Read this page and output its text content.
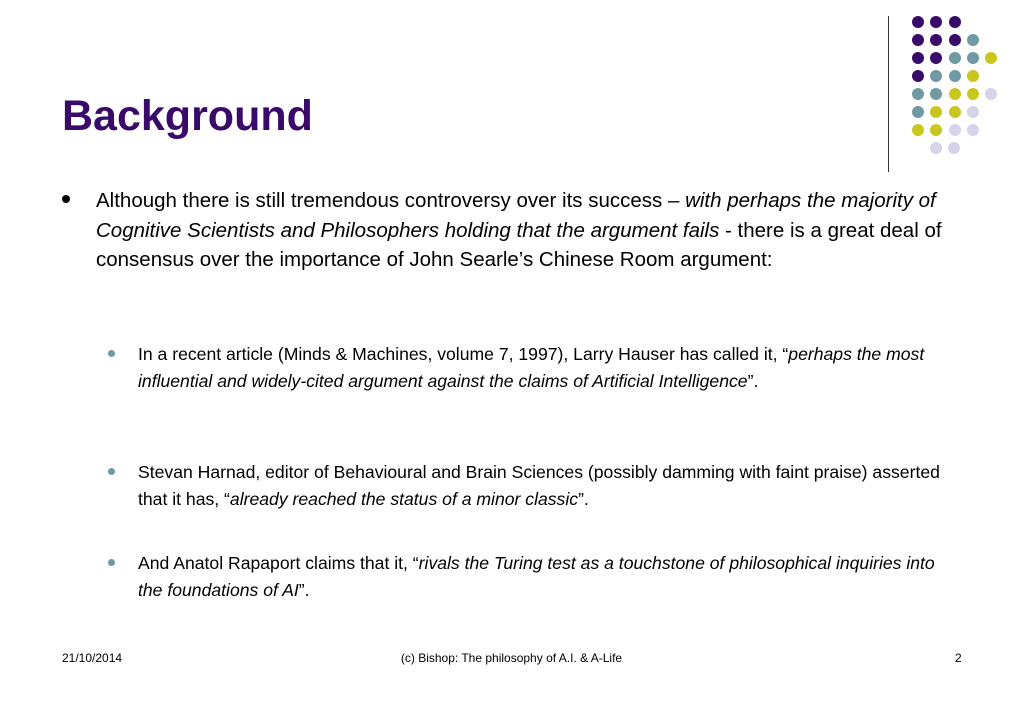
Background
Although there is still tremendous controversy over its success – with perhaps the majority of Cognitive Scientists and Philosophers holding that the argument fails - there is a great deal of consensus over the importance of John Searle’s Chinese Room argument:
In a recent article (Minds & Machines, volume 7, 1997), Larry Hauser has called it, “perhaps the most influential and widely-cited argument against the claims of Artificial Intelligence”.
Stevan Harnad, editor of Behavioural and Brain Sciences (possibly damming with faint praise) asserted that it has, “already reached the status of a minor classic”.
And Anatol Rapaport claims that it, “rivals the Turing test as a touchstone of philosophical inquiries into the foundations of AI”.
21/10/2014	(c) Bishop: The philosophy of A.I. & A-Life	2
